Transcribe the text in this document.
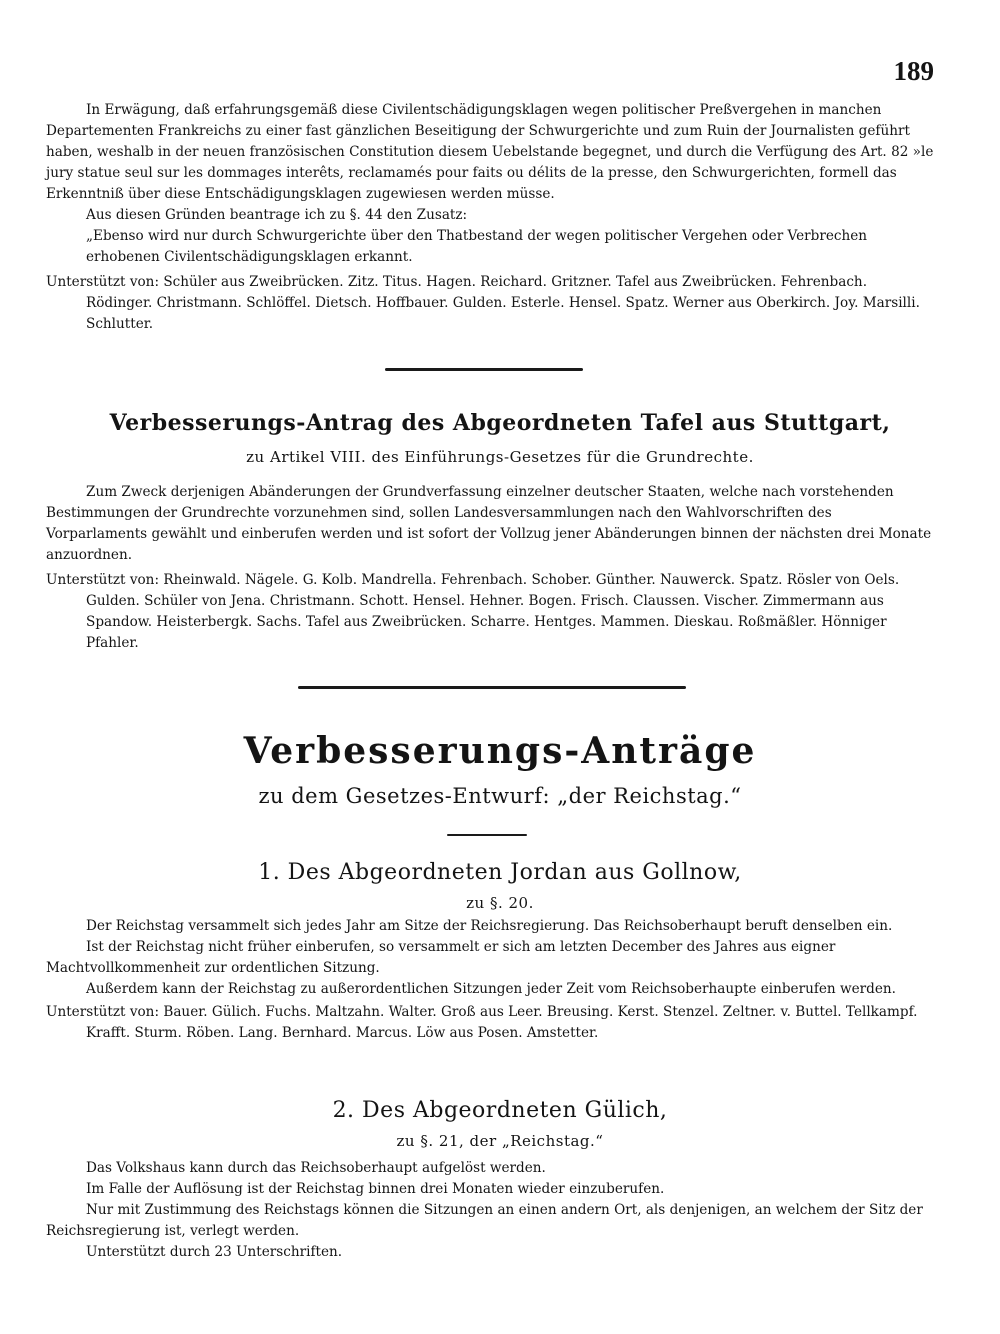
189

In Erwägung, daß erfahrungsgemäß diese Civilentschädigungsklagen wegen politischer Preßvergehen in manchen Departementen Frankreichs zu einer fast gänzlichen Beseitigung der Schwurgerichte und zum Ruin der Journalisten geführt haben, weshalb in der neuen französischen Constitution diesem Uebelstande begegnet, und durch die Verfügung des Art. 82 »le jury statue seul sur les dommages interêts, reclamamés pour faits ou délits de la presse, den Schwurgerichten, formell das Erkenntniß über diese Entschädigungsklagen zugewiesen werden müsse.

Aus diesen Gründen beantrage ich zu §. 44 den Zusatz:

„Ebenso wird nur durch Schwurgerichte über den Thatbestand der wegen politischer Vergehen oder Verbrechen erhobenen Civilentschädigungsklagen erkannt.

Unterstützt von: Schüler aus Zweibrücken. Zitz. Titus. Hagen. Reichard. Gritzner. Tafel aus Zweibrücken. Fehrenbach. Rödinger. Christmann. Schlöffel. Dietsch. Hoffbauer. Gulden. Esterle. Hensel. Spatz. Werner aus Oberkirch. Joy. Marsilli. Schlutter.

Verbesserungs-Antrag des Abgeordneten Tafel aus Stuttgart,
zu Artikel VIII. des Einführungs-Gesetzes für die Grundrechte.

Zum Zweck derjenigen Abänderungen der Grundverfassung einzelner deutscher Staaten, welche nach vorstehenden Bestimmungen der Grundrechte vorzunehmen sind, sollen Landesversammlungen nach den Wahlvorschriften des Vorparlaments gewählt und einberufen werden und ist sofort der Vollzug jener Abänderungen binnen der nächsten drei Monate anzuordnen.

Unterstützt von: Rheinwald. Nägele. G. Kolb. Mandrella. Fehrenbach. Schober. Günther. Nauwerck. Spatz. Rösler von Oels. Gulden. Schüler von Jena. Christmann. Schott. Hensel. Hehner. Bogen. Frisch. Claussen. Vischer. Zimmermann aus Spandow. Heisterbergk. Sachs. Tafel aus Zweibrücken. Scharre. Hentges. Mammen. Dieskau. Roßmäßler. Hönniger Pfahler.

Verbesserungs-Anträge
zu dem Gesetzes-Entwurf: „der Reichstag.“
1. Des Abgeordneten Jordan aus Gollnow,
zu §. 20.

Der Reichstag versammelt sich jedes Jahr am Sitze der Reichsregierung. Das Reichsoberhaupt beruft denselben ein.

Ist der Reichstag nicht früher einberufen, so versammelt er sich am letzten December des Jahres aus eigner Machtvollkommenheit zur ordentlichen Sitzung.

Außerdem kann der Reichstag zu außerordentlichen Sitzungen jeder Zeit vom Reichsoberhaupte einberufen werden.

Unterstützt von: Bauer. Gülich. Fuchs. Maltzahn. Walter. Groß aus Leer. Breusing. Kerst. Stenzel. Zeltner. v. Buttel. Tellkampf. Krafft. Sturm. Röben. Lang. Bernhard. Marcus. Löw aus Posen. Amstetter.

2. Des Abgeordneten Gülich,
zu §. 21, der „Reichstag.“

Das Volkshaus kann durch das Reichsoberhaupt aufgelöst werden.

Im Falle der Auflösung ist der Reichstag binnen drei Monaten wieder einzuberufen.

Nur mit Zustimmung des Reichstags können die Sitzungen an einen andern Ort, als denjenigen, an welchem der Sitz der Reichsregierung ist, verlegt werden.

Unterstützt durch 23 Unterschriften.
